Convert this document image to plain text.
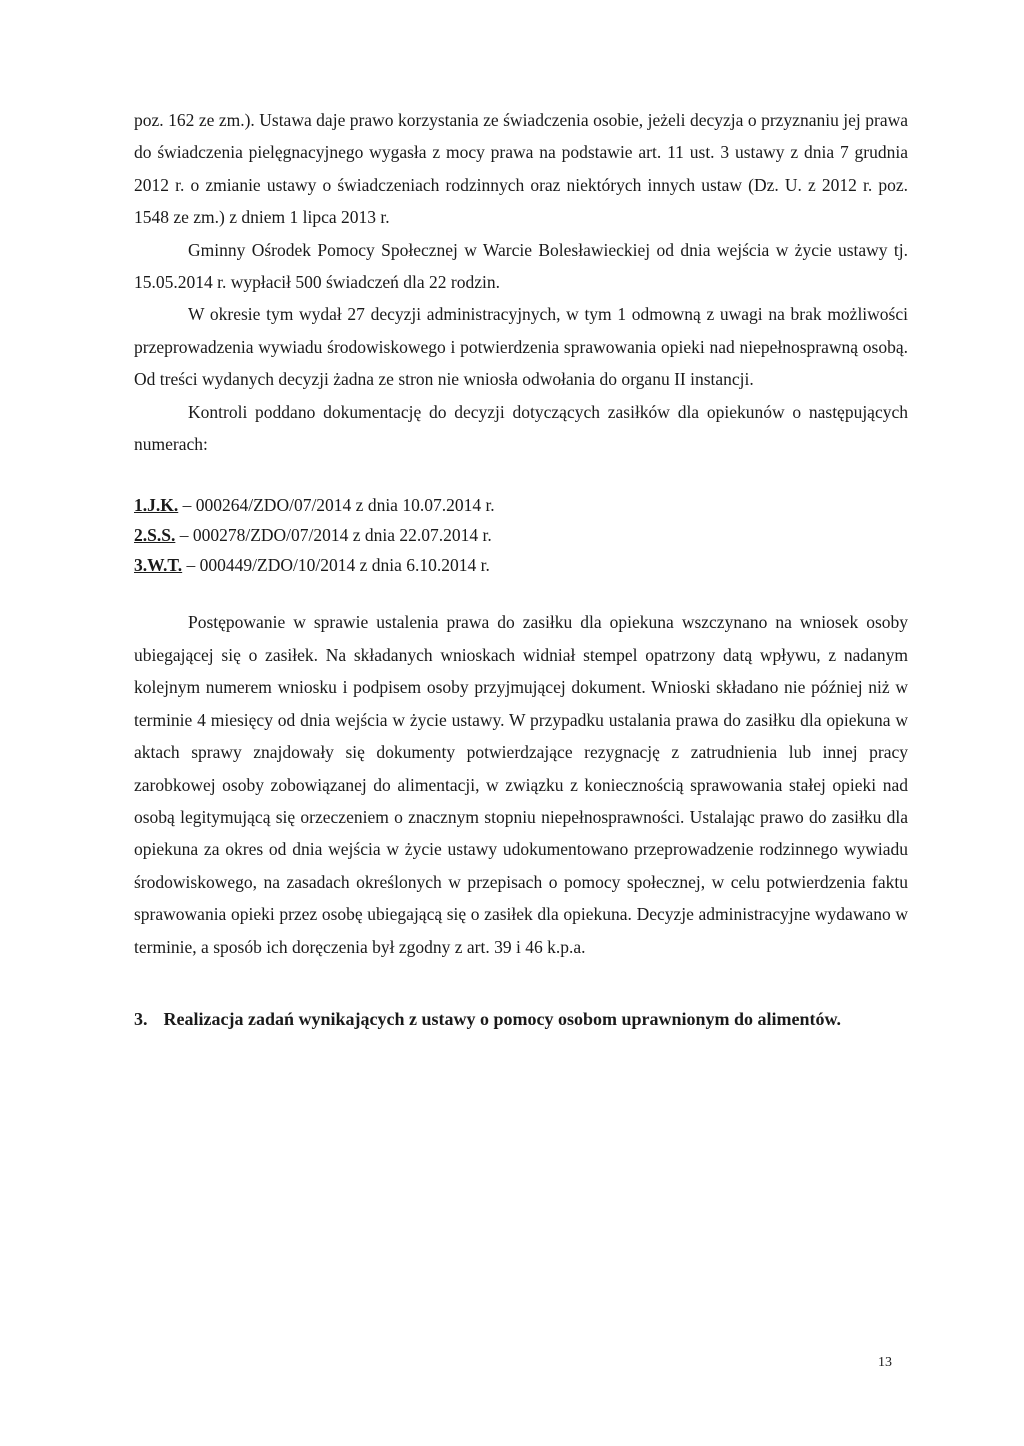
poz. 162 ze zm.). Ustawa daje prawo korzystania ze świadczenia osobie, jeżeli decyzja o przyznaniu jej prawa do świadczenia pielęgnacyjnego wygasła z mocy prawa na podstawie art. 11 ust. 3 ustawy z dnia 7 grudnia 2012 r. o zmianie ustawy o świadczeniach rodzinnych oraz niektórych innych ustaw (Dz. U. z 2012 r. poz. 1548 ze zm.) z dniem 1 lipca 2013 r.

Gminny Ośrodek Pomocy Społecznej w Warcie Bolesławieckiej od dnia wejścia w życie ustawy tj. 15.05.2014 r. wypłacił 500 świadczeń dla 22 rodzin.

W okresie tym wydał 27 decyzji administracyjnych, w tym 1 odmowną z uwagi na brak możliwości przeprowadzenia wywiadu środowiskowego i potwierdzenia sprawowania opieki nad niepełnosprawną osobą. Od treści wydanych decyzji żadna ze stron nie wniosła odwołania do organu II instancji.

Kontroli poddano dokumentację do decyzji dotyczących zasiłków dla opiekunów o następujących numerach:

1.J.K. – 000264/ZDO/07/2014 z dnia 10.07.2014 r.
2.S.S. – 000278/ZDO/07/2014 z dnia 22.07.2014 r.
3.W.T. – 000449/ZDO/10/2014 z dnia 6.10.2014 r.

Postępowanie w sprawie ustalenia prawa do zasiłku dla opiekuna wszczynano na wniosek osoby ubiegającej się o zasiłek. Na składanych wnioskach widniał stempel opatrzony datą wpływu, z nadanym kolejnym numerem wniosku i podpisem osoby przyjmującej dokument. Wnioski składano nie później niż w terminie 4 miesięcy od dnia wejścia w życie ustawy. W przypadku ustalania prawa do zasiłku dla opiekuna w aktach sprawy znajdowały się dokumenty potwierdzające rezygnację z zatrudnienia lub innej pracy zarobkowej osoby zobowiązanej do alimentacji, w związku z koniecznością sprawowania stałej opieki nad osobą legitymującą się orzeczeniem o znacznym stopniu niepełnosprawności. Ustalając prawo do zasiłku dla opiekuna za okres od dnia wejścia w życie ustawy udokumentowano przeprowadzenie rodzinnego wywiadu środowiskowego, na zasadach określonych w przepisach o pomocy społecznej, w celu potwierdzenia faktu sprawowania opieki przez osobę ubiegającą się o zasiłek dla opiekuna. Decyzje administracyjne wydawano w terminie, a sposób ich doręczenia był zgodny z art. 39 i 46 k.p.a.

3. Realizacja zadań wynikających z ustawy o pomocy osobom uprawnionym do alimentów.

13
